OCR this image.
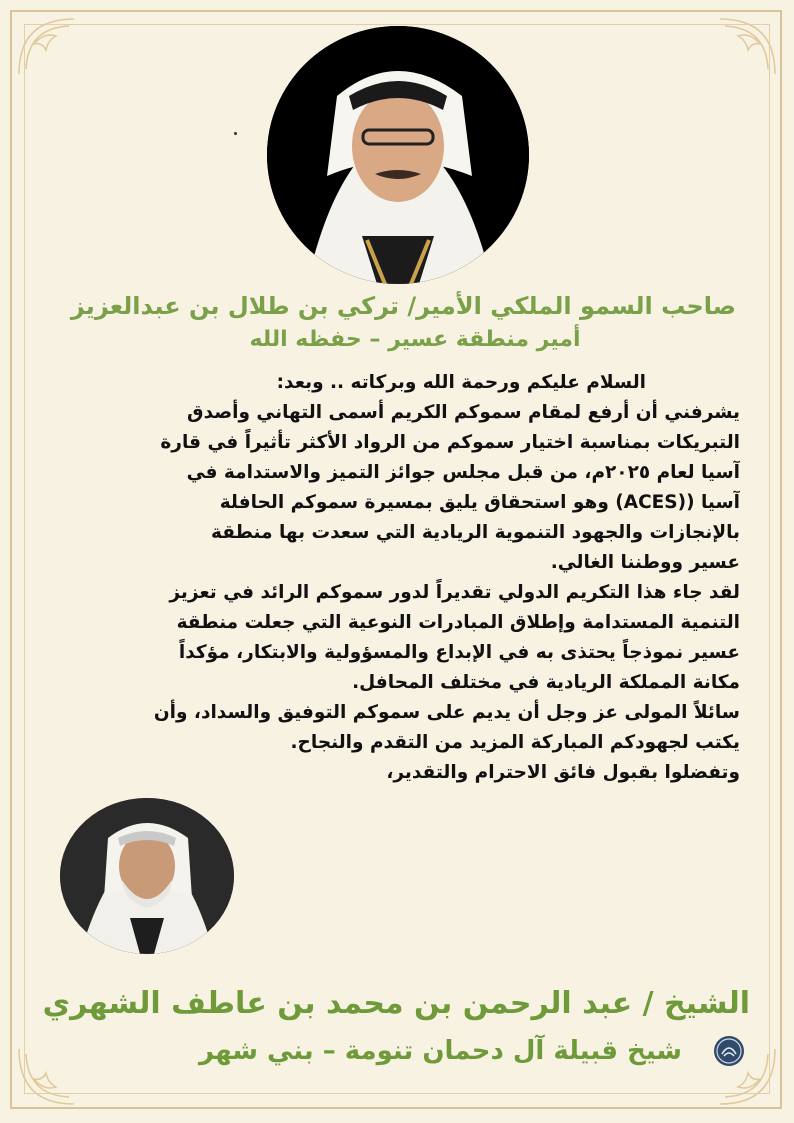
صاحب السمو الملكي الأمير/ تركي بن طلال بن عبدالعزيز
أمير منطقة عسير – حفظه الله
السلام عليكم ورحمة الله وبركاته .. وبعد:
يشرفني أن أرفع لمقام سموكم الكريم أسمى التهاني وأصدق
التبريكات بمناسبة اختيار سموكم من الرواد الأكثر تأثيراً في قارة
آسيا لعام ٢٠٢٥م، من قبل مجلس جوائز التميز والاستدامة في
آسيا ((ACES) وهو استحقاق يليق بمسيرة سموكم الحافلة
بالإنجازات والجهود التنموية الريادية التي سعدت بها منطقة
عسير ووطننا الغالي.
لقد جاء هذا التكريم الدولي تقديراً لدور سموكم الرائد في تعزيز
التنمية المستدامة وإطلاق المبادرات النوعية التي جعلت منطقة
عسير نموذجاً يحتذى به في الإبداع والمسؤولية والابتكار، مؤكداً
مكانة المملكة الريادية في مختلف المحافل.
سائلاً المولى عز وجل أن يديم على سموكم التوفيق والسداد، وأن
يكتب لجهودكم المباركة المزيد من التقدم والنجاح.
وتفضلوا بقبول فائق الاحترام والتقدير،
الشيخ / عبد الرحمن بن محمد بن عاطف الشهري
شيخ قبيلة آل دحمان تنومة – بني شهر
